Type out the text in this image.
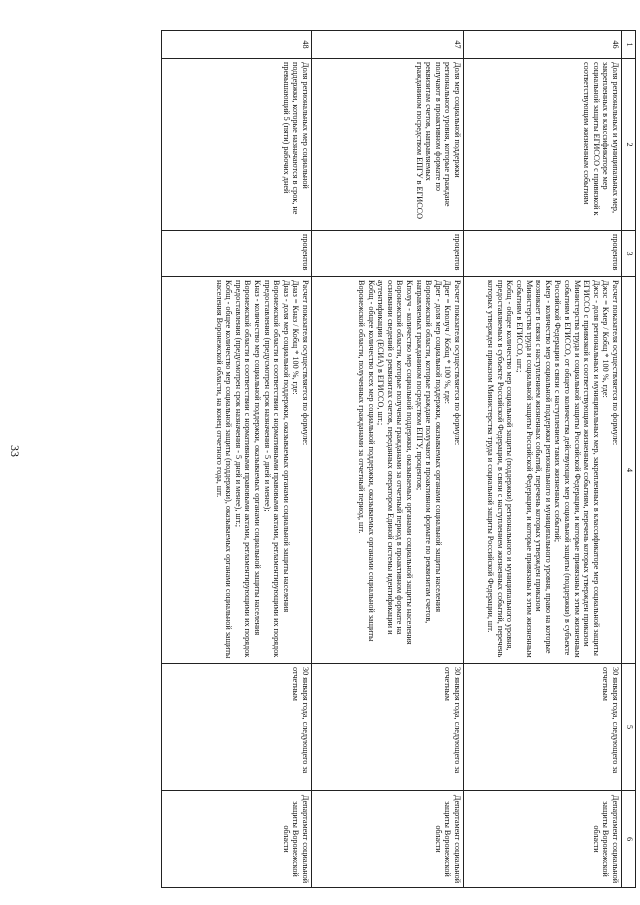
33
1	2	3	4	5	6
46	Доля региональных и муниципальных мер, закрепленных в классификаторе мер социальной защиты ЕГИССО с привязкой к соответствующим жизненным событиям	процентов	Расчет показателя осуществляется по формуле:
Джзс = Кмер / Кобщ * 100 %, где:
Джзс - доля региональных и муниципальных мер, закрепленных в классификаторе мер социальной защиты ЕГИССО с привязкой к соответствующим жизненным событиям, перечень которых утвержден приказом Министерства труда и социальной защиты Российской Федерации, и которые привязаны к этим жизненным событиям в ЕГИССО, от общего количества действующих мер социальной защиты (поддержки) в субъекте Российской Федерации в связи с наступлением таких жизненных событий;
Кмер - количество мер социальной поддержки регионального и муниципального уровня, право на которые возникает в связи с наступлением жизненных событий, перечень которых утвержден приказом Министерства труда и социальной защиты Российской Федерации, и которые привязаны к этим жизненным событиям в ЕГИССО, шт.;
Кобщ - общее количество мер социальной защиты (поддержки) регионального и муниципального уровня, предоставляемых в субъекте Российской Федерации, в связи с наступлением жизненных событий, перечень которых утвержден приказом Министерства труда и социальной защиты Российской Федерации, шт.	30 января года, следующего за отчетным	Департамент социальной защиты Воронежской области
47	Доля мер социальной поддержки регионального уровня, которые граждане получают в проактивном формате по реквизитам счетов, направляемых гражданином посредством ЕПГУ в ЕГИССО	процентов	Расчет показателя осуществляется по формуле:
Дрег = Кполуч / Кобщ * 100 %, где:
Дрег - доля мер социальной поддержки, оказываемых органами социальной защиты населения Воронежской области, которые граждане получают в проактивном формате по реквизитам счетов, направляемых гражданином посредством ЕПГУ, процентов;
Кполуч - количество мер социальной поддержки, оказываемых органами социальной защиты населения Воронежской области, которые получены гражданами за отчетный период в проактивном формате на основании сведений о реквизитах счетов, переданных оператором Единой системы идентификации и аутентификации (ЕСИА) в ЕГИССО, шт.;
Кобщ - общее количество всех мер социальной поддержки, оказываемых органами социальной защиты Воронежской области, полученных гражданами за отчетный период, шт.	30 января года, следующего за отчетным	Департамент социальной защиты Воронежской области
48	Доля региональных мер социальной поддержки, которые назначаются в срок, не превышающий 5 (пяти) рабочих дней	процентов	Расчет показателя осуществляется по формуле:
Дназ = Кназ / Кобщ * 100 %, где:
Дназ - доля мер социальной поддержки, оказываемых органами социальной защиты населения Воронежской области в соответствии с нормативными правовыми актами, регламентирующими их порядок предоставления (предусмотрен срок назначения - 5 дней и менее);
Кназ - количество мер социальной поддержки, оказываемых органами социальной защиты населения Воронежской области в соответствии с нормативными правовыми актами, регламентирующими их порядок предоставления (предусмотрен срок назначения - 5 дней и менее), шт.;
Кобщ - общее количество мер социальной защиты (поддержки), оказываемых органами социальной защиты населения Воронежской области, на конец отчетного года, шт.	30 января года, следующего за отчетным	Департамент социальной защиты Воронежской области
